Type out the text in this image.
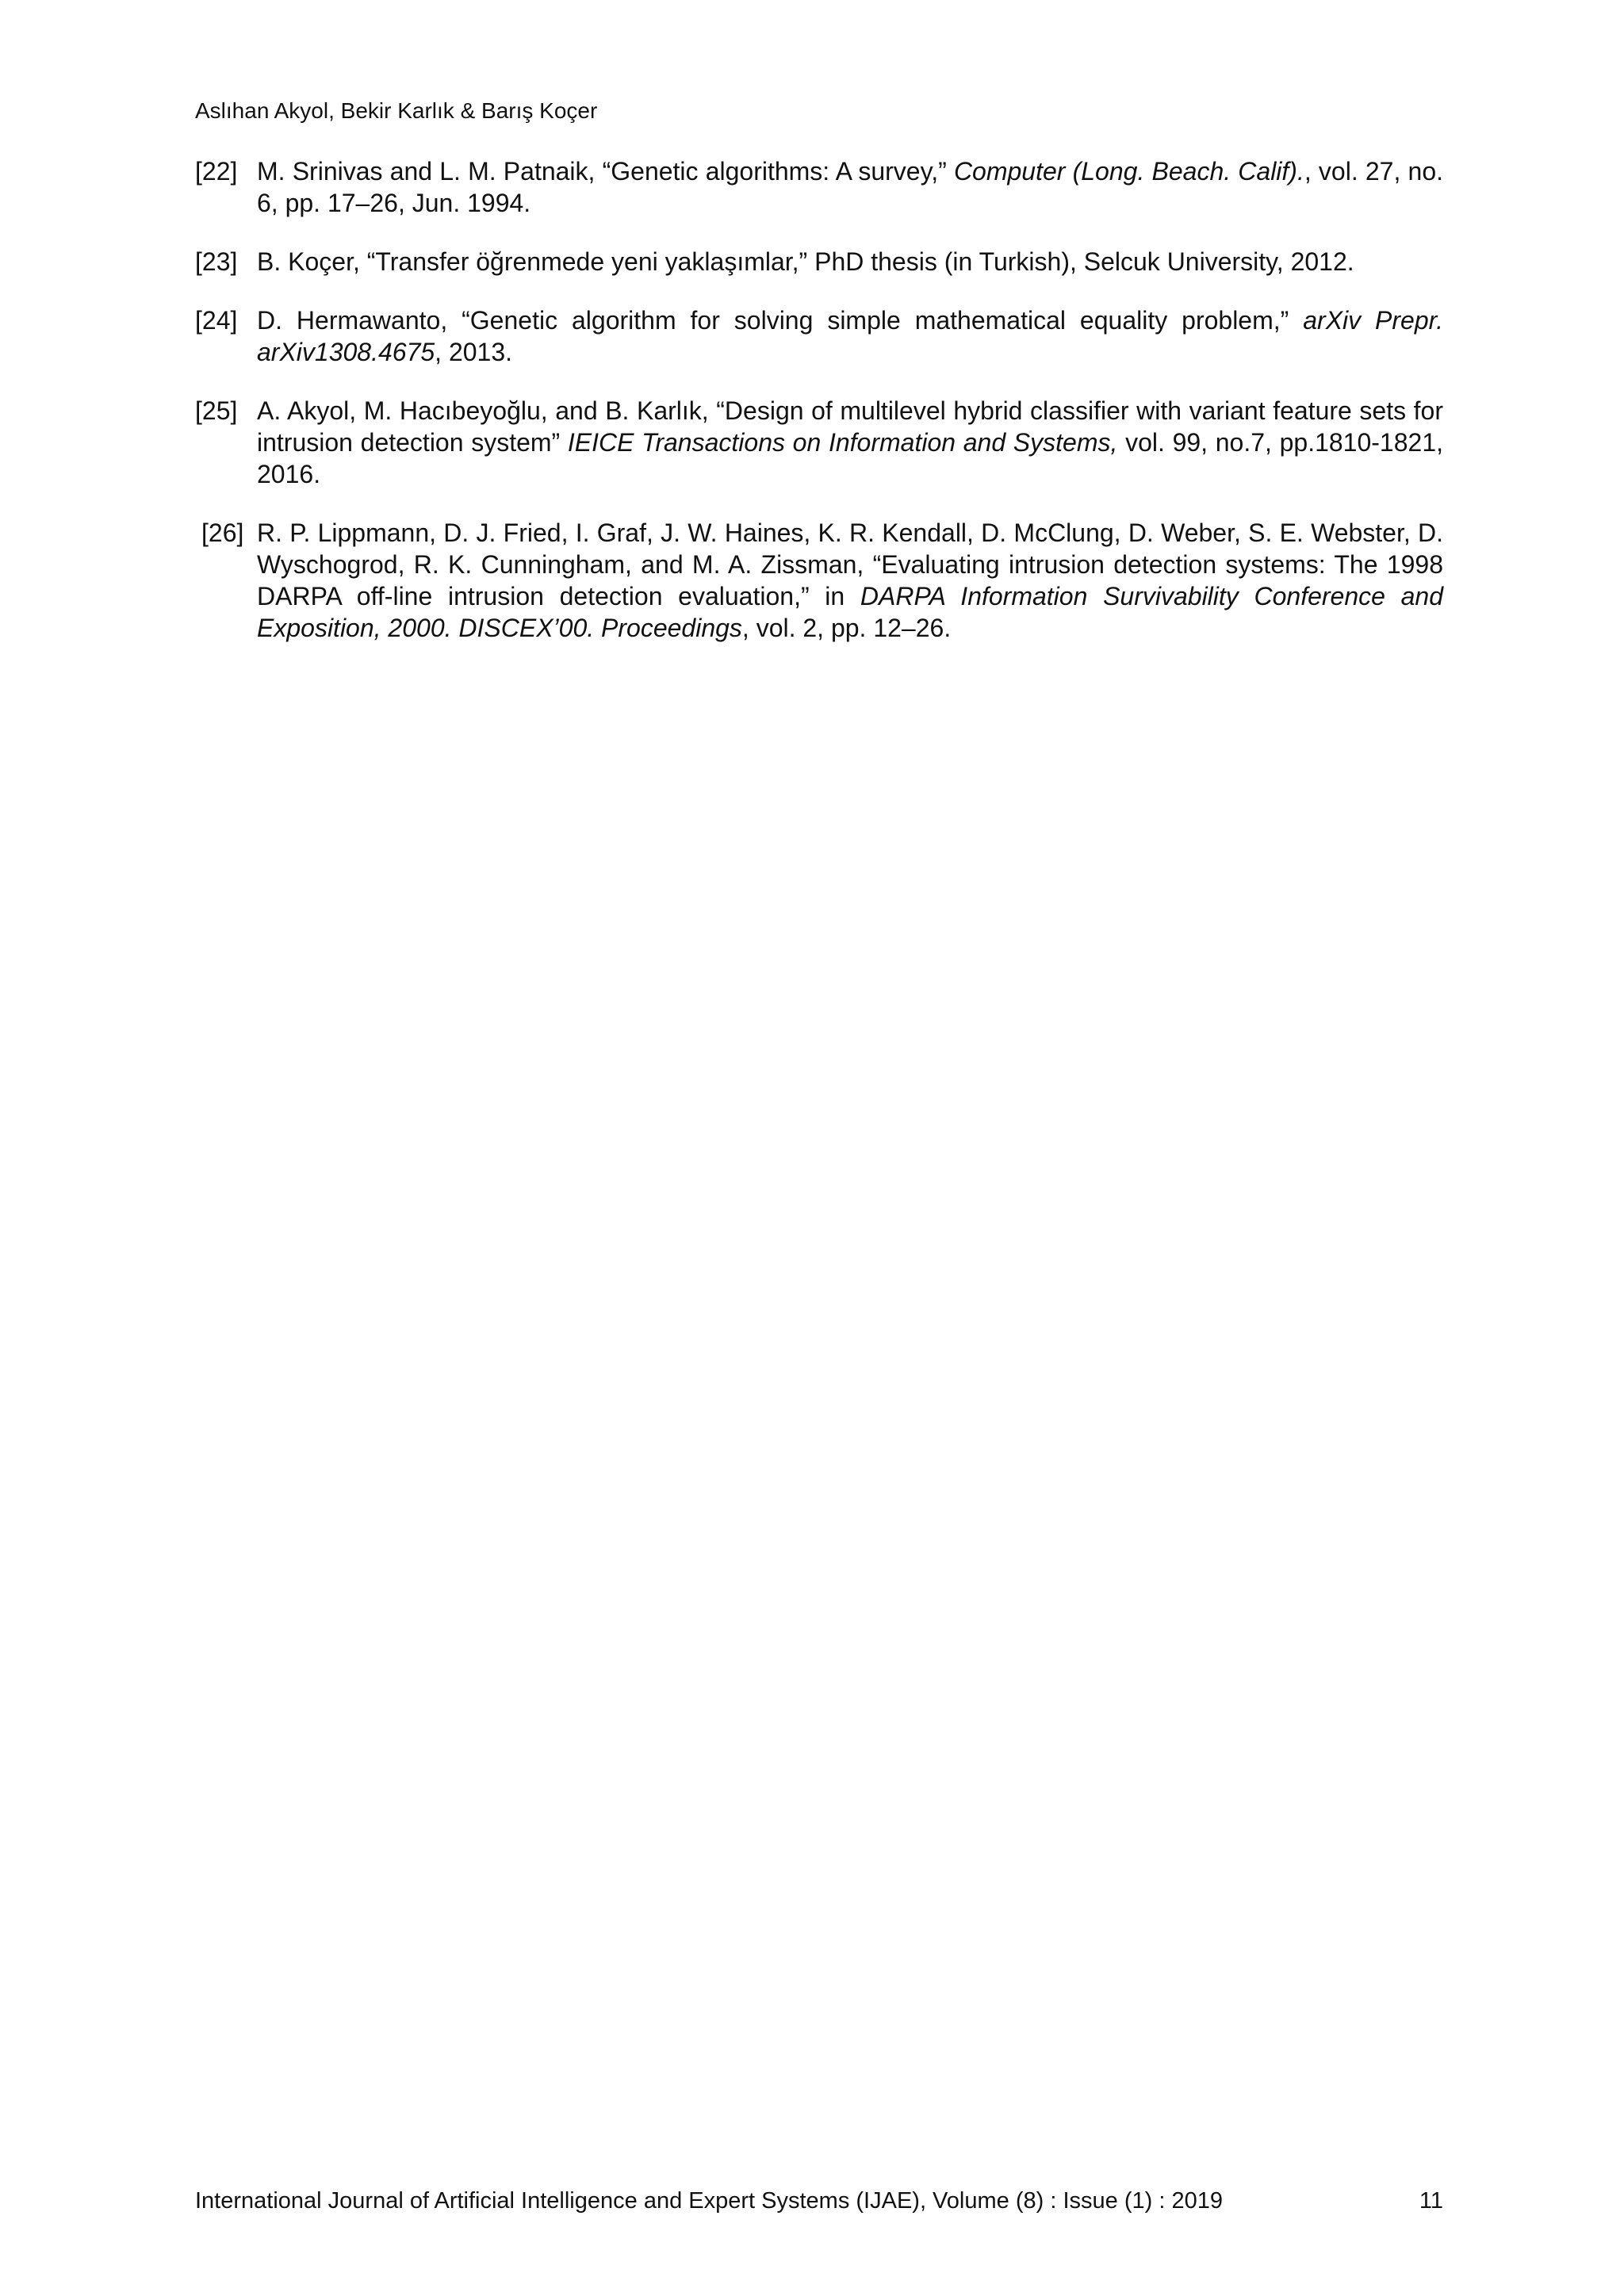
Aslıhan Akyol, Bekir Karlık & Barış Koçer
[22] M. Srinivas and L. M. Patnaik, “Genetic algorithms: A survey,” Computer (Long. Beach. Calif)., vol. 27, no. 6, pp. 17–26, Jun. 1994.
[23] B. Koçer, “Transfer öğrenmede yeni yaklaşımlar,” PhD thesis (in Turkish), Selcuk University, 2012.
[24] D. Hermawanto, “Genetic algorithm for solving simple mathematical equality problem,” arXiv Prepr. arXiv1308.4675, 2013.
[25] A. Akyol, M. Hacıbeyoğlu, and B. Karlık, “Design of multilevel hybrid classifier with variant feature sets for intrusion detection system” IEICE Transactions on Information and Systems, vol. 99, no.7, pp.1810-1821, 2016.
[26] R. P. Lippmann, D. J. Fried, I. Graf, J. W. Haines, K. R. Kendall, D. McClung, D. Weber, S. E. Webster, D. Wyschogrod, R. K. Cunningham, and M. A. Zissman, “Evaluating intrusion detection systems: The 1998 DARPA off-line intrusion detection evaluation,” in DARPA Information Survivability Conference and Exposition, 2000. DISCEX’00. Proceedings, vol. 2, pp. 12–26.
International Journal of Artificial Intelligence and Expert Systems (IJAE), Volume (8) : Issue (1) : 2019	11
